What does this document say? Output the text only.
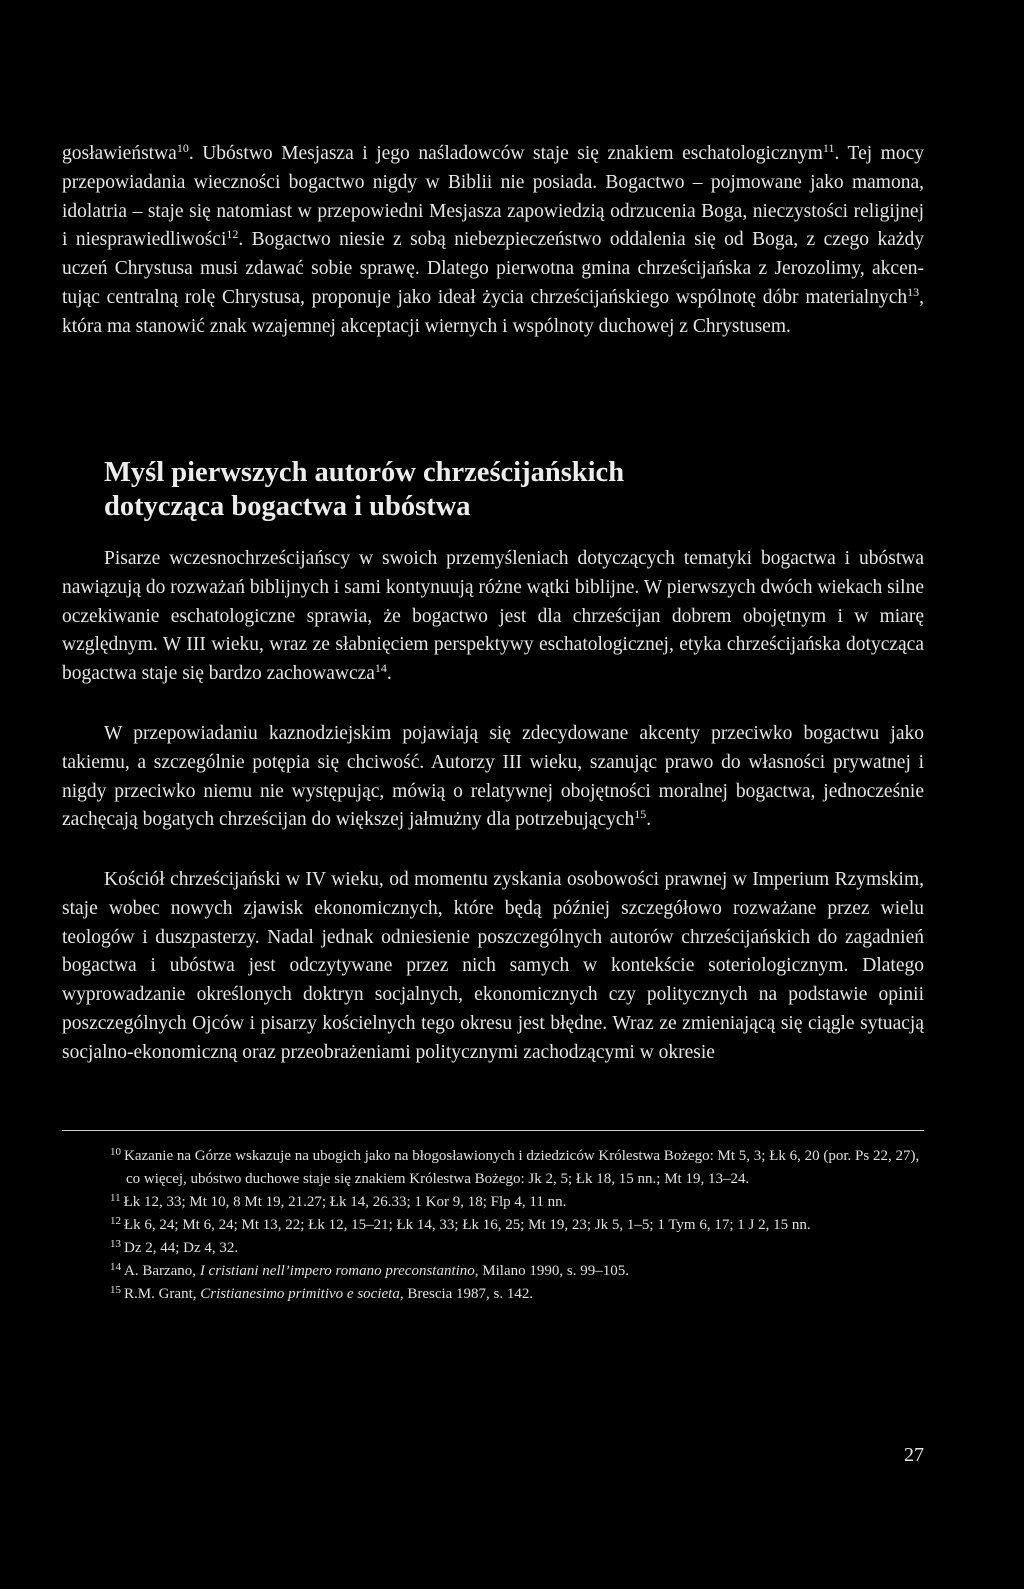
gosławieństwa$^{10}$. Ubóstwo Mesjasza i jego naśladowców staje się znakiem eschatologicznym$^{11}$. Tej mocy przepowiadania wieczności bogactwo nigdy w Biblii nie posiada. Bogactwo – pojmowane jako mamona, idolatria – staje się natomiast w przepowiedni Mesjasza zapowiedzią odrzucenia Boga, nieczystości religijnej i niesprawiedliwości$^{12}$. Bogactwo niesie z sobą niebezpieczeństwo oddalenia się od Boga, z czego każdy uczeń Chrystusa musi zdawać sobie sprawę. Dlatego pierwotna gmina chrześcijańska z Jerozolimy, akcentując centralną rolę Chrystusa, proponuje jako ideał życia chrześcijańskiego wspólnotę dóbr materialnych$^{13}$, która ma stanowić znak wzajemnej akceptacji wiernych i wspólnoty duchowej z Chrystusem.

Myśl pierwszych autorów chrześcijańskich
dotycząca bogactwa i ubóstwa

Pisarze wczesnochrześcijańscy w swoich przemyśleniach dotyczących tematyki bogactwa i ubóstwa nawiązują do rozważań biblijnych i sami kontynuują różne wątki biblijne. W pierwszych dwóch wiekach silne oczekiwanie eschatologiczne sprawia, że bogactwo jest dla chrześcijan dobrem obojętnym i w miarę względnym. W III wieku, wraz ze słabnięciem perspektywy eschatologicznej, etyka chrześcijańska dotycząca bogactwa staje się bardzo zachowawcza$^{14}$.

W przepowiadaniu kaznodziejskim pojawiają się zdecydowane akcenty przeciwko bogactwu jako takiemu, a szczególnie potępia się chciwość. Autorzy III wieku, szanując prawo do własności prywatnej i nigdy przeciwko niemu nie występując, mówią o relatywnej obojętności moralnej bogactwa, jednocześnie zachęcają bogatych chrześcijan do większej jałmużny dla potrzebujących$^{15}$.

Kościół chrześcijański w IV wieku, od momentu zyskania osobowości prawnej w Imperium Rzymskim, staje wobec nowych zjawisk ekonomicznych, które będą później szczegółowo rozważane przez wielu teologów i duszpasterzy. Nadal jednak odniesienie poszczególnych autorów chrześcijańskich do zagadnień bogactwa i ubóstwa jest odczytywane przez nich samych w kontekście soteriologicznym. Dlatego wyprowadzanie określonych doktryn socjalnych, ekonomicznych czy politycznych na podstawie opinii poszczególnych Ojców i pisarzy kościelnych tego okresu jest błędne. Wraz ze zmieniającą się ciągle sytuacją socjalno-ekonomiczną oraz przeobrażeniami politycznymi zachodzącymi w okresie

$^{10}$ Kazanie na Górze wskazuje na ubogich jako na błogosławionych i dziedziców Królestwa Bożego: Mt 5, 3; Łk 6, 20 (por. Ps 22, 27), co więcej, ubóstwo duchowe staje się znakiem Królestwa Bożego: Jk 2, 5; Łk 18, 15 nn.; Mt 19, 13–24.
$^{11}$ Łk 12, 33; Mt 10, 8 Mt 19, 21.27; Łk 14, 26.33; 1 Kor 9, 18; Flp 4, 11 nn.
$^{12}$ Łk 6, 24; Mt 6, 24; Mt 13, 22; Łk 12, 15–21; Łk 14, 33; Łk 16, 25; Mt 19, 23; Jk 5, 1–5; 1 Tym 6, 17; 1 J 2, 15 nn.
$^{13}$ Dz 2, 44; Dz 4, 32.
$^{14}$ A. Barzano, I cristiani nell’impero romano preconstantino, Milano 1990, s. 99–105.
$^{15}$ R.M. Grant, Cristianesimo primitivo e societa, Brescia 1987, s. 142.
27
